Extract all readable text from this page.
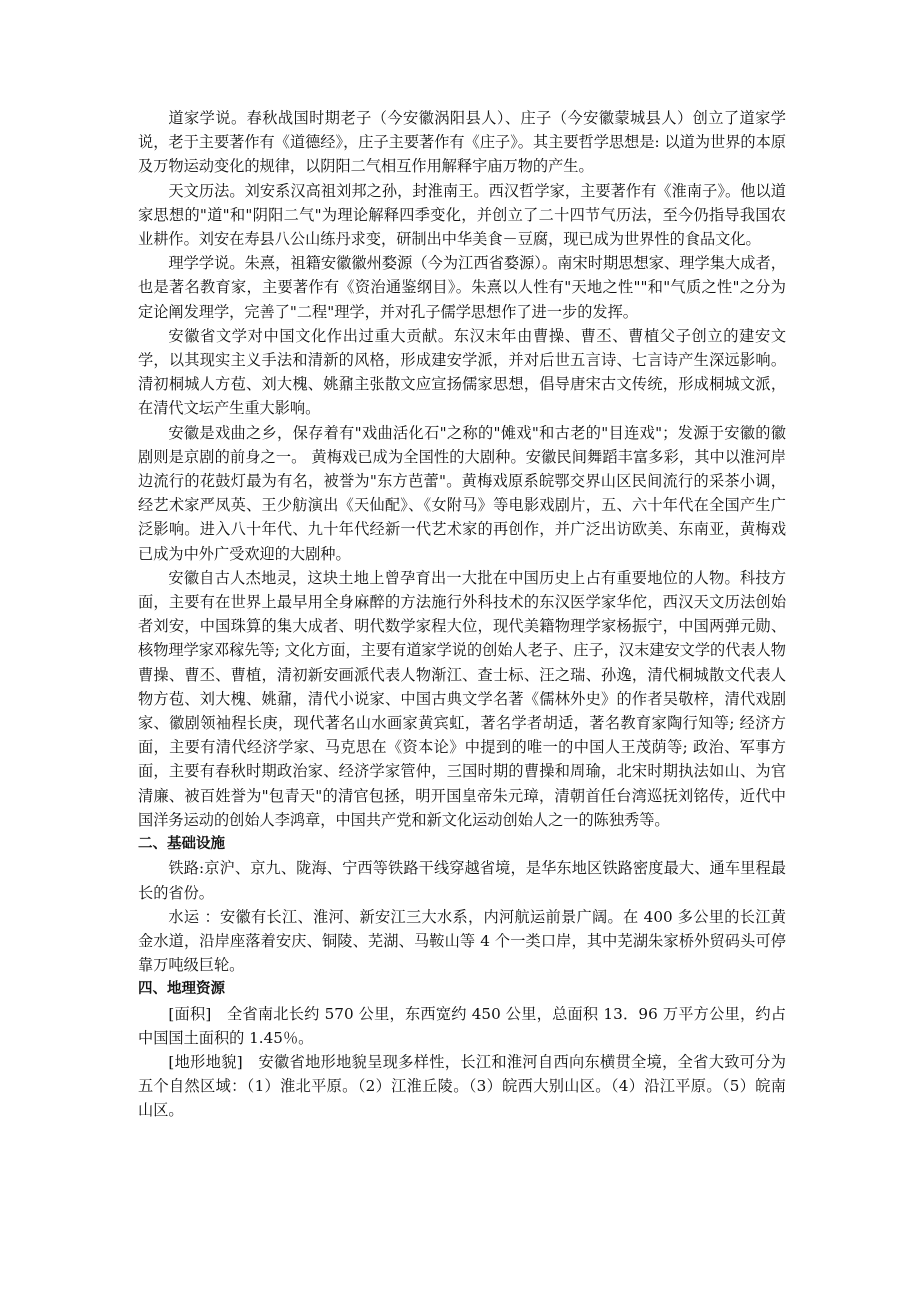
道家学说。春秋战国时期老子（今安徽涡阳县人）、庄子（今安徽蒙城县人）创立了道家学说，老于主要著作有《道德经》，庄子主要著作有《庄子》。其主要哲学思想是: 以道为世界的本原及万物运动变化的规律，以阴阳二气相互作用解释宇庙万物的产生。

天文历法。刘安系汉高祖刘邦之孙，封淮南王。西汉哲学家，主要著作有《淮南子》。他以道家思想的"道"和"阴阳二气"为理论解释四季变化，并创立了二十四节气历法，至今仍指导我国农业耕作。刘安在寿县八公山练丹求变，研制出中华美食－豆腐，现已成为世界性的食品文化。

理学学说。朱熹，祖籍安徽徽州婺源（今为江西省婺源）。南宋时期思想家、理学集大成者，也是著名教育家，主要著作有《资治通鉴纲目》。朱熹以人性有"天地之性""和"气质之性"之分为定论阐发理学，完善了"二程"理学，并对孔子儒学思想作了进一步的发挥。

安徽省文学对中国文化作出过重大贡献。东汉末年由曹操、曹丕、曹植父子创立的建安文学，以其现实主义手法和清新的风格，形成建安学派，并对后世五言诗、七言诗产生深远影响。清初桐城人方苞、刘大槐、姚鼐主张散文应宣扬儒家思想，倡导唐宋古文传统，形成桐城文派，在清代文坛产生重大影响。

安徽是戏曲之乡，保存着有"戏曲活化石"之称的"傩戏"和古老的"目连戏"；发源于安徽的徽剧则是京剧的前身之一。 黄梅戏已成为全国性的大剧种。安徽民间舞蹈丰富多彩，其中以淮河岸边流行的花鼓灯最为有名，被誉为"东方芭蕾"。黄梅戏原系皖鄂交界山区民间流行的采茶小调，经艺术家严凤英、王少舫演出《天仙配》、《女附马》等电影戏剧片，五、六十年代在全国产生广泛影响。进入八十年代、九十年代经新一代艺术家的再创作，并广泛出访欧美、东南亚，黄梅戏已成为中外广受欢迎的大剧种。

安徽自古人杰地灵，这块土地上曾孕育出一大批在中国历史上占有重要地位的人物。科技方面，主要有在世界上最早用全身麻醉的方法施行外科技术的东汉医学家华佗，西汉天文历法创始者刘安，中国珠算的集大成者、明代数学家程大位，现代美籍物理学家杨振宁，中国两弹元勋、核物理学家邓稼先等; 文化方面，主要有道家学说的创始人老子、庄子，汉末建安文学的代表人物曹操、曹丕、曹植，清初新安画派代表人物渐江、查士标、汪之瑞、孙逸，清代桐城散文代表人物方苞、刘大槐、姚鼐，清代小说家、中国古典文学名著《儒林外史》的作者吴敬梓，清代戏剧家、徽剧领袖程长庚，现代著名山水画家黄宾虹，著名学者胡适，著名教育家陶行知等; 经济方面，主要有清代经济学家、马克思在《资本论》中提到的唯一的中国人王茂荫等; 政治、军事方面，主要有春秋时期政治家、经济学家管仲，三国时期的曹操和周瑜，北宋时期执法如山、为官清廉、被百姓誉为"包青天"的清官包拯，明开国皇帝朱元璋，清朝首任台湾巡抚刘铭传，近代中国洋务运动的创始人李鸿章，中国共产党和新文化运动创始人之一的陈独秀等。

二、基础设施

铁路:京沪、京九、陇海、宁西等铁路干线穿越省境，是华东地区铁路密度最大、通车里程最长的省份。

水运 ：安徽有长江、淮河、新安江三大水系，内河航运前景广阔。在 400 多公里的长江黄金水道，沿岸座落着安庆、铜陵、芜湖、马鞍山等 4 个一类口岸，其中芜湖朱家桥外贸码头可停靠万吨级巨轮。

四、地理资源

[面积]　全省南北长约 570 公里，东西宽约 450 公里，总面积 13．96 万平方公里，约占中国国土面积的 1.45％。

[地形地貌]　安徽省地形地貌呈现多样性，长江和淮河自西向东横贯全境，全省大致可分为五个自然区域：（1）淮北平原。（2）江淮丘陵。（3）皖西大别山区。（4）沿江平原。（5）皖南山区。
